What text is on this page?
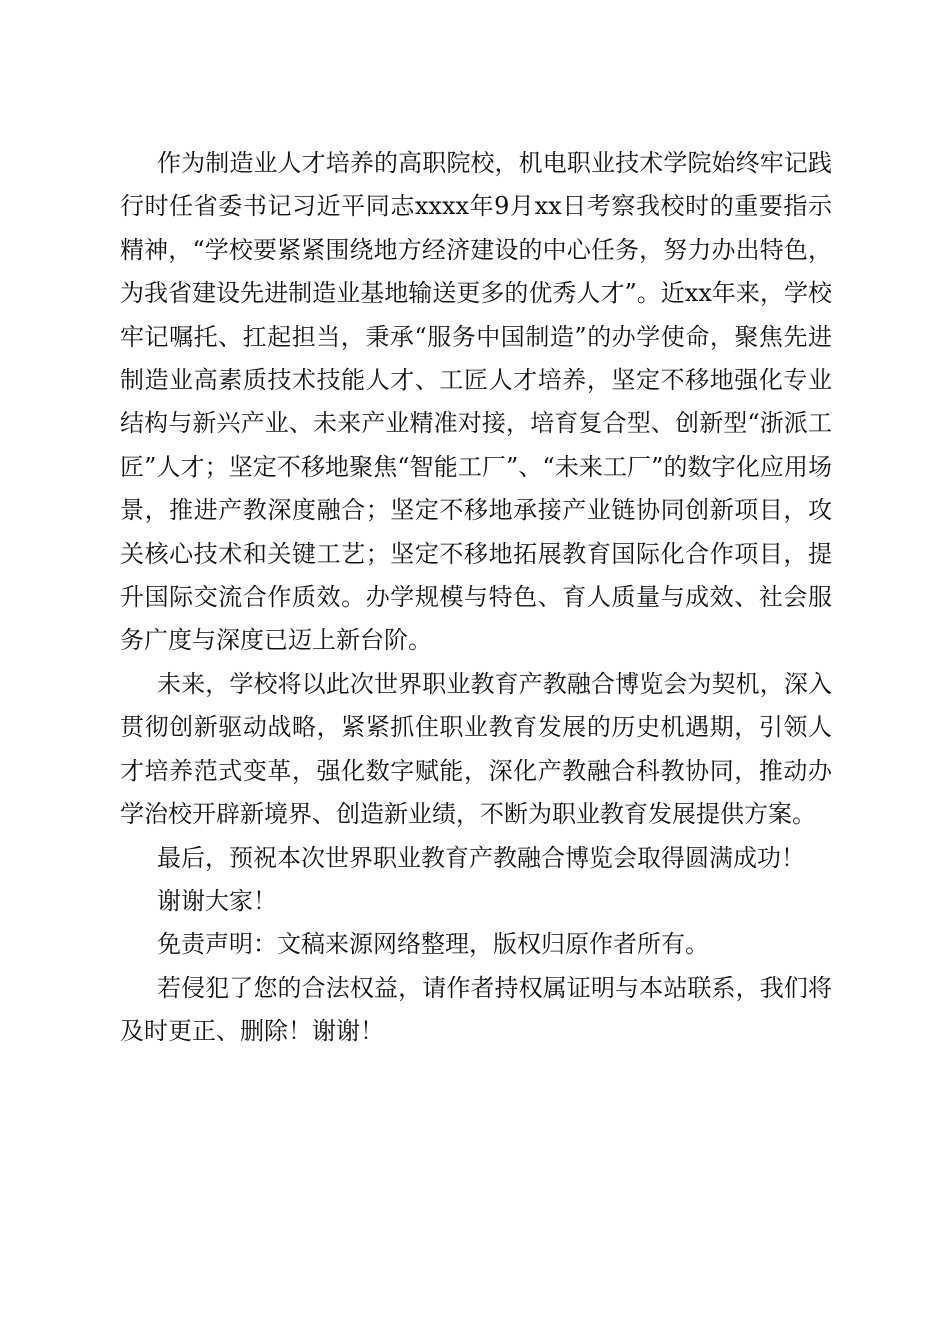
作为制造业人才培养的高职院校，机电职业技术学院始终牢记践行时任省委书记习近平同志xxxx年9月xx日考察我校时的重要指示精神，“学校要紧紧围绕地方经济建设的中心任务，努力办出特色，为我省建设先进制造业基地输送更多的优秀人才”。近xx年来，学校牢记嘱托、扛起担当，秉承“服务中国制造”的办学使命，聚焦先进制造业高素质技术技能人才、工匠人才培养，坚定不移地强化专业结构与新兴产业、未来产业精准对接，培育复合型、创新型“浙派工匠”人才；坚定不移地聚焦“智能工厂”、“未来工厂”的数字化应用场景，推进产教深度融合；坚定不移地承接产业链协同创新项目，攻关核心技术和关键工艺；坚定不移地拓展教育国际化合作项目，提升国际交流合作质效。办学规模与特色、育人质量与成效、社会服务广度与深度已迈上新台阶。

未来，学校将以此次世界职业教育产教融合博览会为契机，深入贯彻创新驱动战略，紧紧抓住职业教育发展的历史机遇期，引领人才培养范式变革，强化数字赋能，深化产教融合科教协同，推动办学治校开辟新境界、创造新业绩，不断为职业教育发展提供方案。

最后，预祝本次世界职业教育产教融合博览会取得圆满成功！

谢谢大家！

免责声明：文稿来源网络整理，版权归原作者所有。

若侵犯了您的合法权益，请作者持权属证明与本站联系，我们将及时更正、删除！谢谢！
